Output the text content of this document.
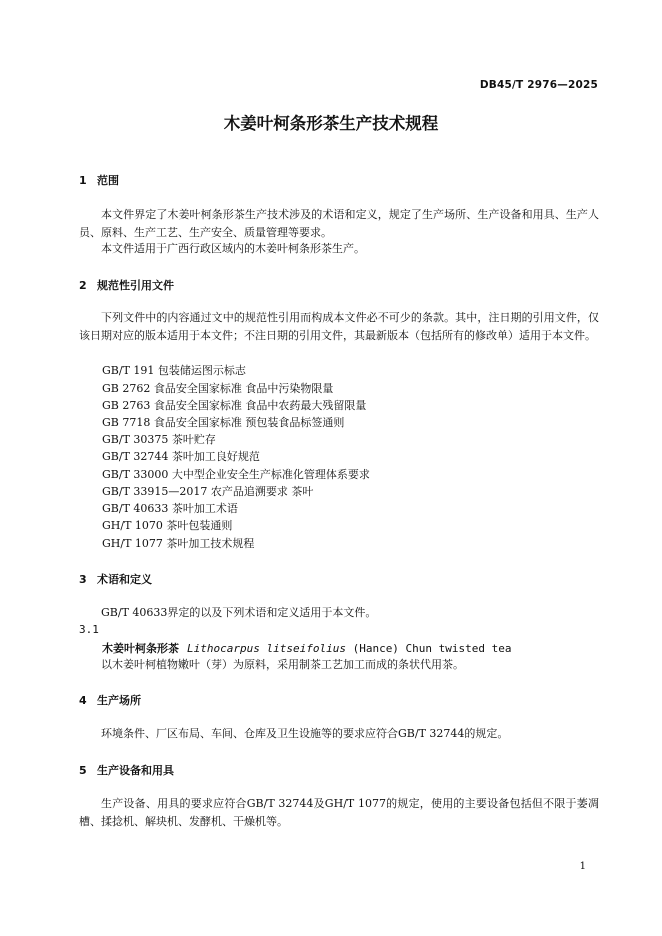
DB45/T 2976—2025
木姜叶柯条形茶生产技术规程
1 范围
本文件界定了木姜叶柯条形茶生产技术涉及的术语和定义，规定了生产场所、生产设备和用具、生产人员、原料、生产工艺、生产安全、质量管理等要求。
本文件适用于广西行政区域内的木姜叶柯条形茶生产。
2 规范性引用文件
下列文件中的内容通过文中的规范性引用而构成本文件必不可少的条款。其中，注日期的引用文件，仅该日期对应的版本适用于本文件；不注日期的引用文件，其最新版本（包括所有的修改单）适用于本文件。
GB/T 191 包装储运图示标志
GB 2762 食品安全国家标准 食品中污染物限量
GB 2763 食品安全国家标准 食品中农药最大残留限量
GB 7718 食品安全国家标准 预包装食品标签通则
GB/T 30375 茶叶贮存
GB/T 32744 茶叶加工良好规范
GB/T 33000 大中型企业安全生产标准化管理体系要求
GB/T 33915—2017 农产品追溯要求 茶叶
GB/T 40633 茶叶加工术语
GH/T 1070 茶叶包装通则
GH/T 1077 茶叶加工技术规程
3 术语和定义
GB/T 40633界定的以及下列术语和定义适用于本文件。
3.1
木姜叶柯条形茶 Lithocarpus litseifolius (Hance) Chun twisted tea
以木姜叶柯植物嫩叶（芽）为原料，采用制茶工艺加工而成的条状代用茶。
4 生产场所
环境条件、厂区布局、车间、仓库及卫生设施等的要求应符合GB/T 32744的规定。
5 生产设备和用具
生产设备、用具的要求应符合GB/T 32744及GH/T 1077的规定，使用的主要设备包括但不限于萎凋槽、揉捻机、解块机、发酵机、干燥机等。
1
